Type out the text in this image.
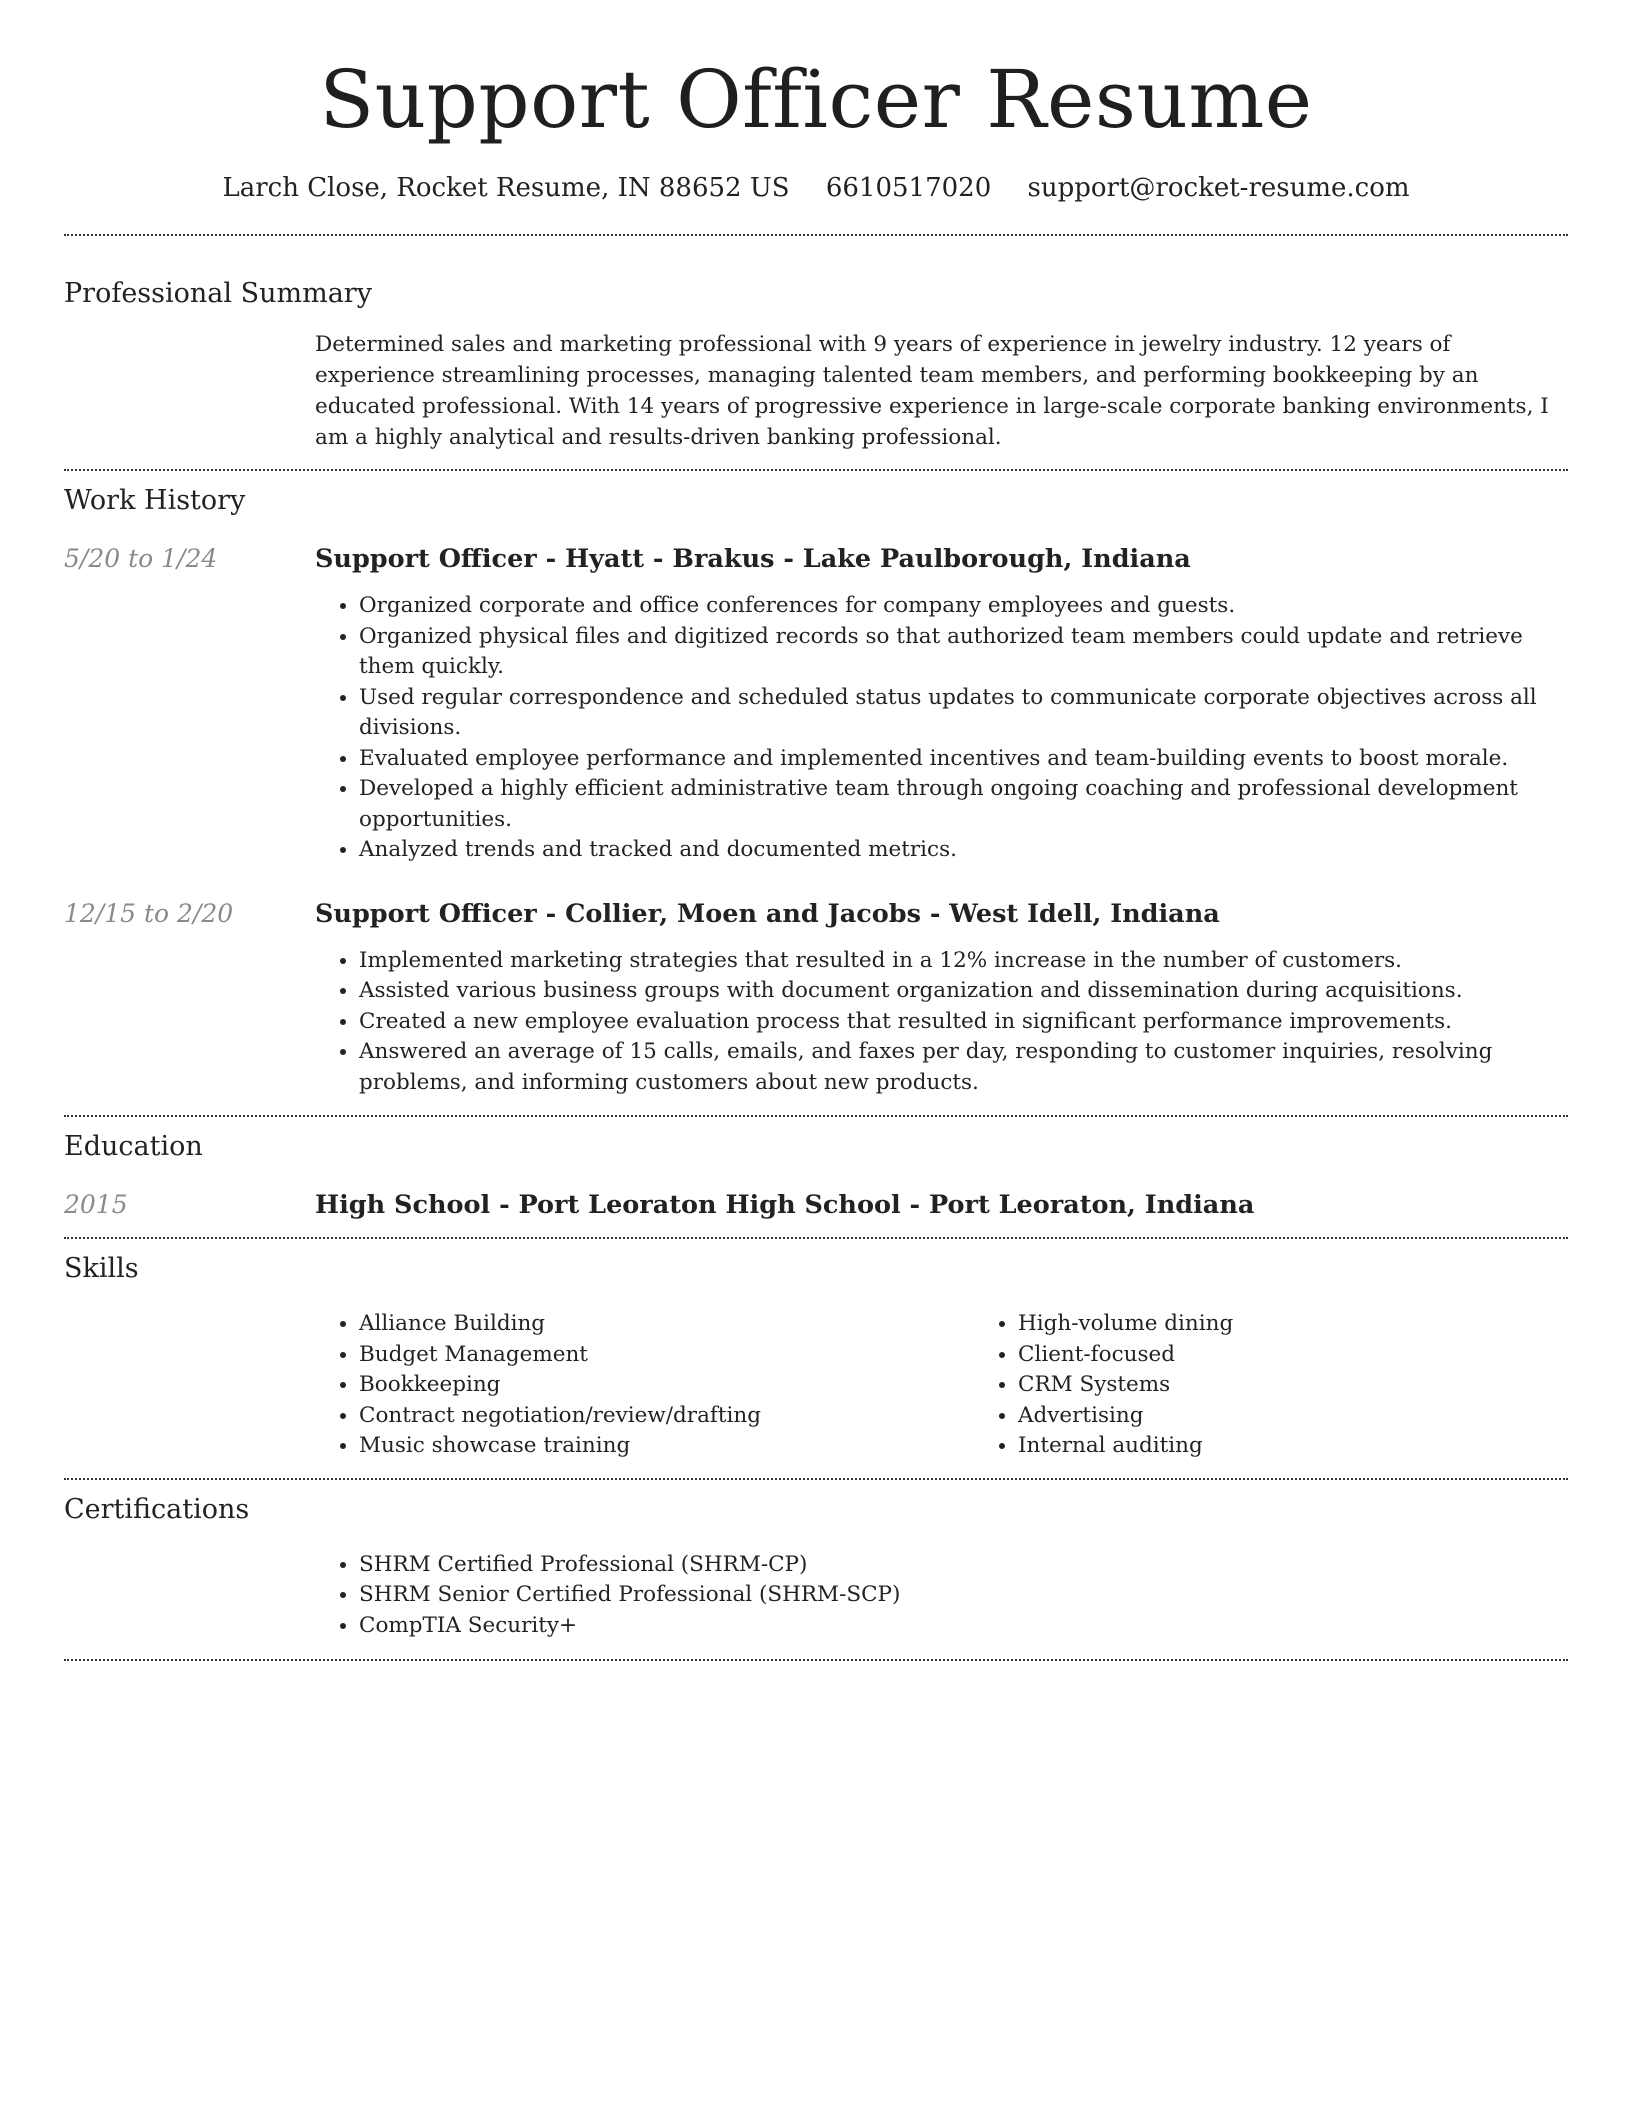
Support Officer Resume
Larch Close, Rocket Resume, IN 88652 US 6610517020 support@rocket-resume.com
Professional Summary

Determined sales and marketing professional with 9 years of experience in jewelry industry. 12 years of experience streamlining processes, managing talented team members, and performing bookkeeping by an educated professional. With 14 years of progressive experience in large-scale corporate banking environments, I am a highly analytical and results-driven banking professional.

Work History
5/20 to 1/24	Support Officer - Hyatt - Brakus - Lake Paulborough, Indiana
• Organized corporate and office conferences for company employees and guests.
• Organized physical files and digitized records so that authorized team members could update and retrieve them quickly.
• Used regular correspondence and scheduled status updates to communicate corporate objectives across all divisions.
• Evaluated employee performance and implemented incentives and team-building events to boost morale.
• Developed a highly efficient administrative team through ongoing coaching and professional development opportunities.
• Analyzed trends and tracked and documented metrics.
12/15 to 2/20	Support Officer - Collier, Moen and Jacobs - West Idell, Indiana
• Implemented marketing strategies that resulted in a 12% increase in the number of customers.
• Assisted various business groups with document organization and dissemination during acquisitions.
• Created a new employee evaluation process that resulted in significant performance improvements.
• Answered an average of 15 calls, emails, and faxes per day, responding to customer inquiries, resolving problems, and informing customers about new products.
Education
2015	High School - Port Leoraton High School - Port Leoraton, Indiana
Skills
• Alliance Building
• Budget Management
• Bookkeeping
• Contract negotiation/review/drafting
• Music showcase training
• High-volume dining
• Client-focused
• CRM Systems
• Advertising
• Internal auditing
Certifications
• SHRM Certified Professional (SHRM-CP)
• SHRM Senior Certified Professional (SHRM-SCP)
• CompTIA Security+
